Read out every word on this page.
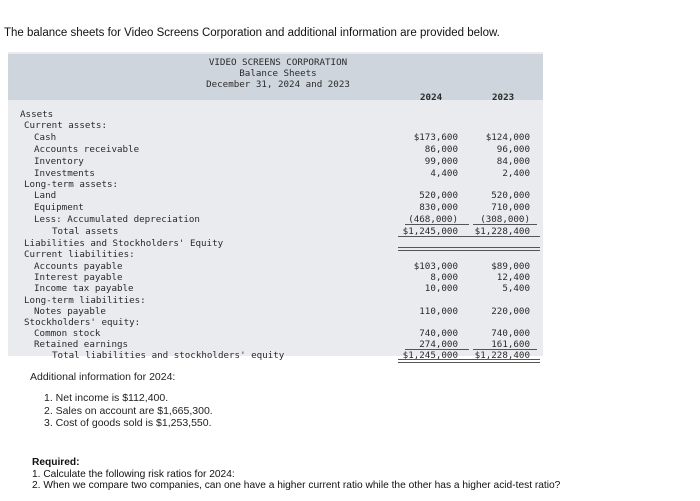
The balance sheets for Video Screens Corporation and additional information are provided below.
VIDEO SCREENS CORPORATION
Balance Sheets
December 31, 2024 and 2023
2024	2023
Assets
Current assets:
Cash	$173,600	$124,000
Accounts receivable	86,000	96,000
Inventory	99,000	84,000
Investments	4,400	2,400
Long-term assets:
Land	520,000	520,000
Equipment	830,000	710,000
Less: Accumulated depreciation	(468,000)	(308,000)
Total assets	$1,245,000	$1,228,400
Liabilities and Stockholders' Equity
Current liabilities:
Accounts payable	$103,000	$89,000
Interest payable	8,000	12,400
Income tax payable	10,000	5,400
Long-term liabilities:
Notes payable	110,000	220,000
Stockholders' equity:
Common stock	740,000	740,000
Retained earnings	274,000	161,600
Total liabilities and stockholders' equity	$1,245,000	$1,228,400
Additional information for 2024:
1. Net income is $112,400.
2. Sales on account are $1,665,300.
3. Cost of goods sold is $1,253,550.
Required:
1. Calculate the following risk ratios for 2024:
2. When we compare two companies, can one have a higher current ratio while the other has a higher acid-test ratio?
